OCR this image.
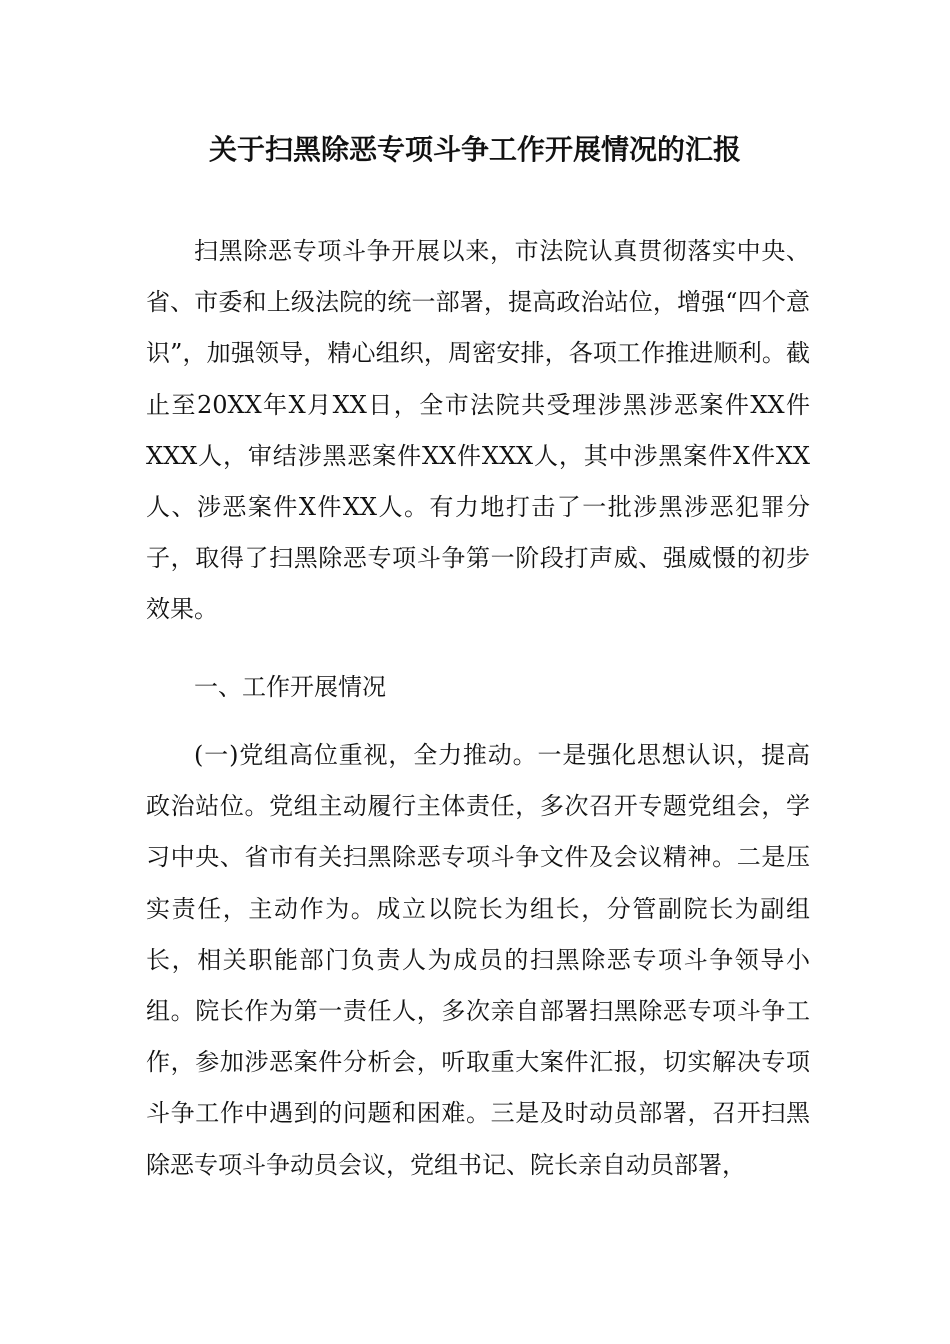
关于扫黑除恶专项斗争工作开展情况的汇报

扫黑除恶专项斗争开展以来，市法院认真贯彻落实中央、省、市委和上级法院的统一部署，提高政治站位，增强“四个意识”，加强领导，精心组织，周密安排，各项工作推进顺利。截止至20XX年X月XX日，全市法院共受理涉黑涉恶案件XX件XXX人，审结涉黑恶案件XX件XXX人，其中涉黑案件X件XX人、涉恶案件X件XX人。有力地打击了一批涉黑涉恶犯罪分子，取得了扫黑除恶专项斗争第一阶段打声威、强威慑的初步效果。

一、工作开展情况

(一)党组高位重视，全力推动。一是强化思想认识，提高政治站位。党组主动履行主体责任，多次召开专题党组会，学习中央、省市有关扫黑除恶专项斗争文件及会议精神。二是压实责任，主动作为。成立以院长为组长，分管副院长为副组长，相关职能部门负责人为成员的扫黑除恶专项斗争领导小组。院长作为第一责任人，多次亲自部署扫黑除恶专项斗争工作，参加涉恶案件分析会，听取重大案件汇报，切实解决专项斗争工作中遇到的问题和困难。三是及时动员部署，召开扫黑除恶专项斗争动员会议，党组书记、院长亲自动员部署，
